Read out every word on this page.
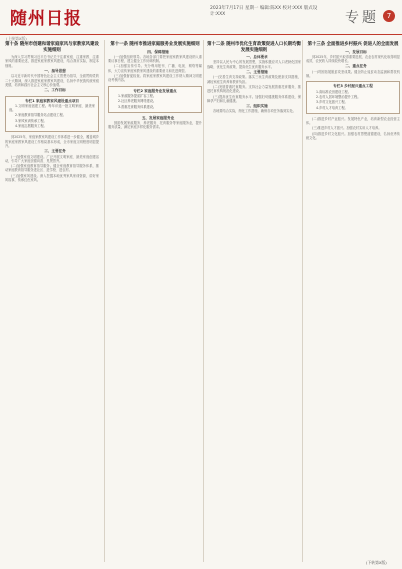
随州日报
2023年7月17日 星期一 编辑:陈XX 校对:XXX 版式设计:XXX	专题	7
(上接第X版)
第十条 随州市创建和谐家庭家风与家教家风建设实施细则

为深入学习贯彻习近平总书记关于注重家庭、注重家教、注重家风的重要论述，推进家庭家教家风建设，结合我市实际，制定本细则。

一、指导思想

以习近平新时代中国特色社会主义思想为指导，全面贯彻党的二十大精神，深入推进家庭家教家风建设，弘扬中华民族传统家庭美德，培育和践行社会主义核心价值观。

二、工作目标

专栏1 家庭家教家风建设重点项目

1.文明家庭创建工程。每年评选一批文明家庭、最美家庭。

2.家庭教育指导服务站点建设工程。

3.家风家训传承工程。

4.家庭志愿服务工程。

到2025年，家庭家教家风建设工作体系进一步健全，覆盖城乡的家庭家教家风建设工作格局基本形成，全市家庭文明程度明显提升。

三、主要任务

(一)加强家庭文明建设。广泛开展文明家庭、最美家庭创建活动，引导广大家庭崇德向善、见贤思齐。

(二)加强家庭教育指导服务。健全家庭教育指导服务体系，推动家庭教育指导服务进社区、进学校、进农村。

(三)加强家风建设。深入挖掘本地优秀家风家训资源，讲好家风故事，传承红色家风。

第十一条 随州市推进家庭服务业发展实施细则

四、保障措施

(一)加强组织领导。各地各部门要把家庭家教家风建设纳入重要议事日程，建立健全工作协调机制。

(二)加强宣传引导。充分利用报刊、广播、电视、网络等媒体，大力宣传家庭家教家风建设的重要意义和先进典型。

(三)加强督促检查。将家庭家教家风建设工作纳入精神文明建设考核内容。

专栏2 家庭服务业发展重点

1.家政服务提质扩容工程。

2.社区养老服务网络建设。

3.普惠托育服务体系建设。

五、发展家庭服务业

鼓励发展家政服务、养老服务、托育服务等家庭服务业，提升服务质量，满足家庭多样化服务需求。

第十二条 随州市优化生育政策促进人口长期均衡发展实施细则

一、总体要求

坚持以人民为中心的发展思想，实施积极应对人口老龄化国家战略，优化生育政策，提高优生优育服务水平。

二、主要措施

(一)完善生育支持政策。落实三孩生育政策及配套支持措施，减轻家庭生育养育教育负担。

(二)发展普惠托育服务。支持社会力量发展普惠托育服务，推进托育机构规范化建设。

(三)提高优生优育服务水平。加强妇幼健康服务体系建设，保障孕产妇和儿童健康。

三、组织实施

各地要结合实际，细化工作措施，确保各项任务落到实处。

第十三条 全面推进乡村振兴 促进人的全面发展

一、发展目标

到2025年，乡村振兴取得重要进展，农业农村现代化取得明显成效，农民收入持续较快增长。

二、重点任务

(一)巩固拓展脱贫攻坚成果。健全防止返贫动态监测和帮扶机制。

专栏3 乡村振兴重点工程

1.高标准农田建设工程。

2.农村人居环境整治提升工程。

3.乡村文化振兴工程。

4.乡村人才培育工程。

(二)推进乡村产业振兴。发展特色产业，培育新型农业经营主体。

(三)推进乡村人才振兴。加强农村实用人才培养。

(四)推进乡村文化振兴。加强农村思想道德建设，弘扬优秀传统文化。

(下转第X版)
